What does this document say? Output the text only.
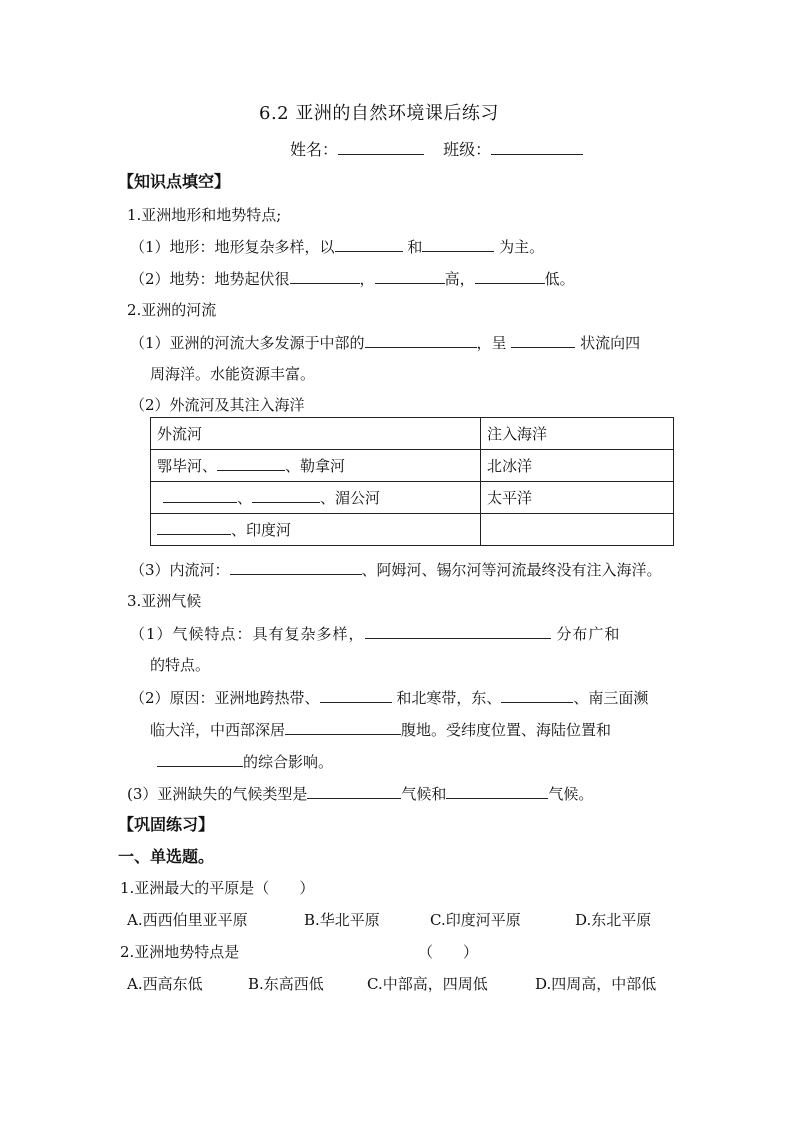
6.2 亚洲的自然环境课后练习
姓名：	班级：
【知识点填空】
1.亚洲地形和地势特点;
（1）地形：地形复杂多样，以	和	为主。
（2）地势：地势起伏很	，	高，	低。
2.亚洲的河流
（1）亚洲的河流大多发源于中部的	，呈	状流向四
周海洋。水能资源丰富。
（2）外流河及其注入海洋
外流河	注入海洋
鄂毕河、 、勒拿河	北冰洋
、 、湄公河	太平洋
、印度河	
（3）内流河：	、阿姆河、锡尔河等河流最终没有注入海洋。
3.亚洲气候
（1）气候特点：具有复杂多样，	分布广和
的特点。
（2）原因：亚洲地跨热带、	和北寒带，东、	、南三面濒
临大洋，中西部深居	腹地。受纬度位置、海陆位置和
的综合影响。
(3）亚洲缺失的气候类型是	气候和	气候。
【巩固练习】
一、单选题。
1.亚洲最大的平原是（　　）
A.西西伯里亚平原	B.华北平原	C.印度河平原	D.东北平原
2.亚洲地势特点是	（　　）
A.西高东低	B.东高西低	C.中部高，四周低	D.四周高，中部低
